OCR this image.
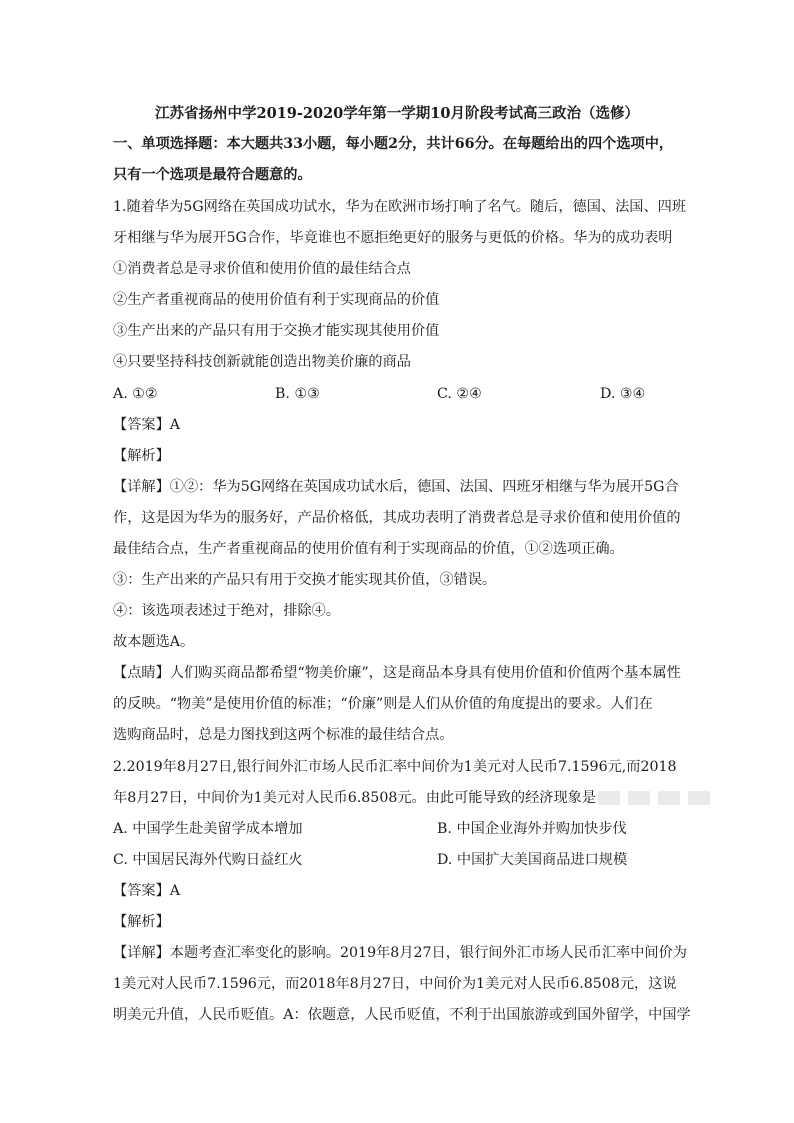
江苏省扬州中学2019-2020学年第一学期10月阶段考试高三政治（选修）
一、单项选择题：本大题共33小题，每小题2分，共计66分。在每题给出的四个选项中，
只有一个选项是最符合题意的。
1.随着华为5G网络在英国成功试水，华为在欧洲市场打响了名气。随后，德国、法国、四班
牙相继与华为展开5G合作，毕竟谁也不愿拒绝更好的服务与更低的价格。华为的成功表明
①消费者总是寻求价值和使用价值的最佳结合点
②生产者重视商品的使用价值有利于实现商品的价值
③生产出来的产品只有用于交换才能实现其使用价值
④只要坚持科技创新就能创造出物美价廉的商品
A. ①②	B. ①③	C. ②④	D. ③④
【答案】A
【解析】
【详解】①②：华为5G网络在英国成功试水后，德国、法国、四班牙相继与华为展开5G合
作，这是因为华为的服务好，产品价格低，其成功表明了消费者总是寻求价值和使用价值的
最佳结合点，生产者重视商品的使用价值有利于实现商品的价值，①②选项正确。
③：生产出来的产品只有用于交换才能实现其价值，③错误。
④：该选项表述过于绝对，排除④。
故本题选A。
【点睛】人们购买商品都希望“物美价廉”，这是商品本身具有使用价值和价值两个基本属性
的反映。“物美”是使用价值的标准；“价廉”则是人们从价值的角度提出的要求。人们在
选购商品时，总是力图找到这两个标准的最佳结合点。
2.2019年8月27日,银行间外汇市场人民币汇率中间价为1美元对人民币7.1596元,而2018
年8月27日，中间价为1美元对人民币6.8508元。由此可能导致的经济现象是
A. 中国学生赴美留学成本增加	B. 中国企业海外并购加快步伐
C. 中国居民海外代购日益红火	D. 中国扩大美国商品进口规模
【答案】A
【解析】
【详解】本题考查汇率变化的影响。2019年8月27日，银行间外汇市场人民币汇率中间价为
1美元对人民币7.1596元，而2018年8月27日，中间价为1美元对人民币6.8508元，这说
明美元升值，人民币贬值。A：依题意，人民币贬值，不利于出国旅游或到国外留学，中国学
